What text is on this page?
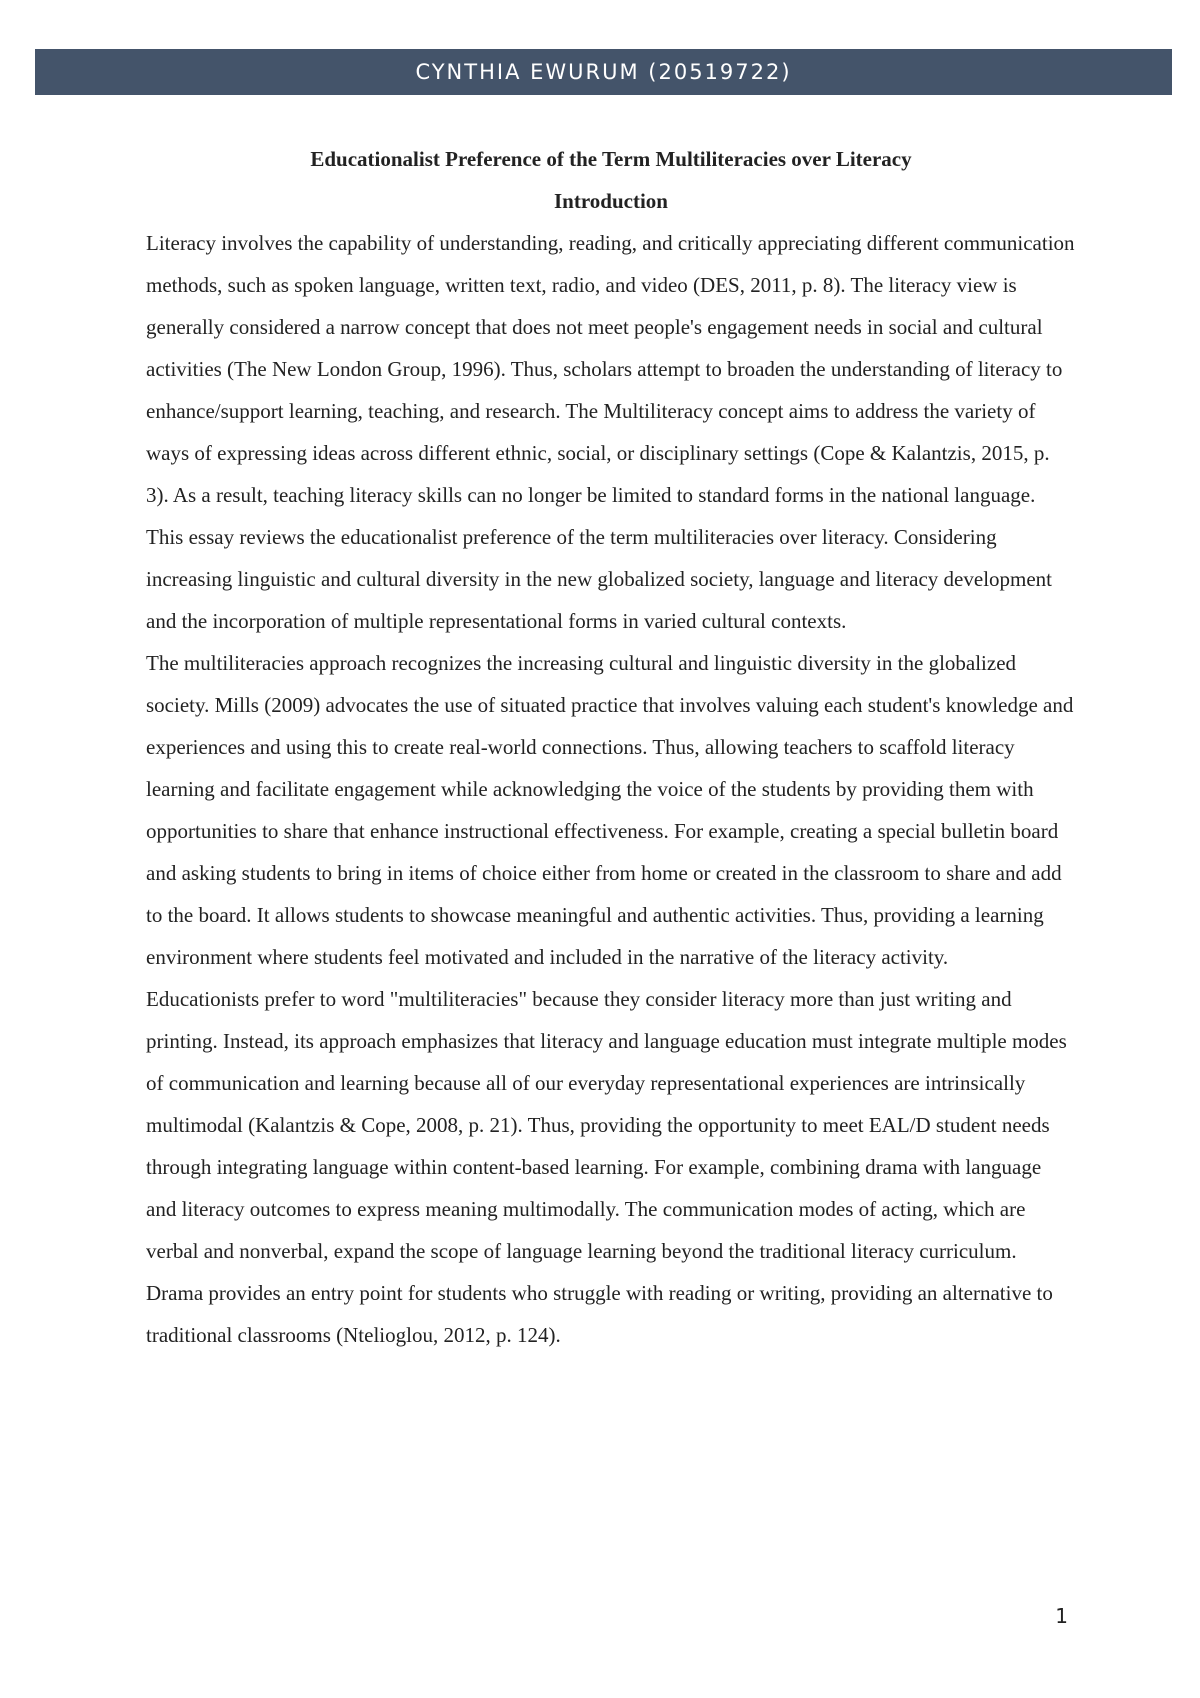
CYNTHIA EWURUM (20519722)

Educationalist Preference of the Term Multiliteracies over Literacy

Introduction

Literacy involves the capability of understanding, reading, and critically appreciating different communication methods, such as spoken language, written text, radio, and video (DES, 2011, p. 8). The literacy view is generally considered a narrow concept that does not meet people's engagement needs in social and cultural activities (The New London Group, 1996). Thus, scholars attempt to broaden the understanding of literacy to enhance/support learning, teaching, and research. The Multiliteracy concept aims to address the variety of ways of expressing ideas across different ethnic, social, or disciplinary settings (Cope & Kalantzis, 2015, p. 3). As a result, teaching literacy skills can no longer be limited to standard forms in the national language. This essay reviews the educationalist preference of the term multiliteracies over literacy. Considering increasing linguistic and cultural diversity in the new globalized society, language and literacy development and the incorporation of multiple representational forms in varied cultural contexts.

The multiliteracies approach recognizes the increasing cultural and linguistic diversity in the globalized society. Mills (2009) advocates the use of situated practice that involves valuing each student's knowledge and experiences and using this to create real-world connections. Thus, allowing teachers to scaffold literacy learning and facilitate engagement while acknowledging the voice of the students by providing them with opportunities to share that enhance instructional effectiveness. For example, creating a special bulletin board and asking students to bring in items of choice either from home or created in the classroom to share and add to the board. It allows students to showcase meaningful and authentic activities. Thus, providing a learning environment where students feel motivated and included in the narrative of the literacy activity.

Educationists prefer to word "multiliteracies" because they consider literacy more than just writing and printing. Instead, its approach emphasizes that literacy and language education must integrate multiple modes of communication and learning because all of our everyday representational experiences are intrinsically multimodal (Kalantzis & Cope, 2008, p. 21). Thus, providing the opportunity to meet EAL/D student needs through integrating language within content-based learning. For example, combining drama with language and literacy outcomes to express meaning multimodally. The communication modes of acting, which are verbal and nonverbal, expand the scope of language learning beyond the traditional literacy curriculum. Drama provides an entry point for students who struggle with reading or writing, providing an alternative to traditional classrooms (Ntelioglou, 2012, p. 124).

1
